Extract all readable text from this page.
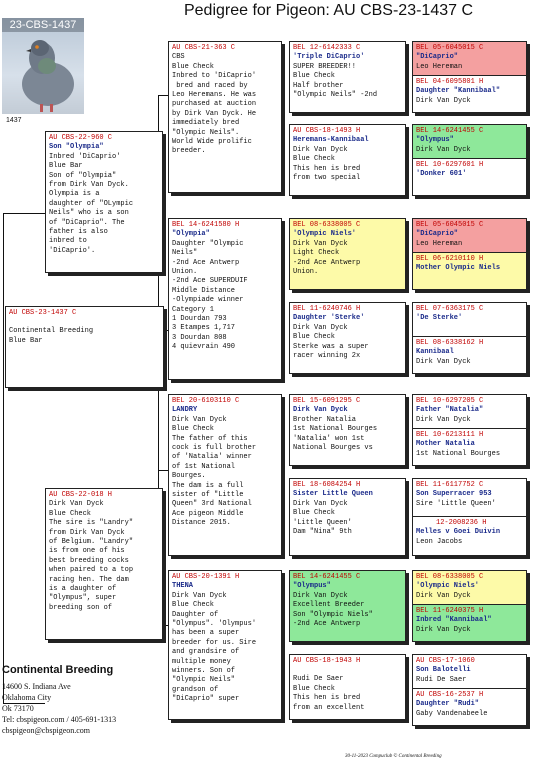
Pedigree for Pigeon: AU CBS-23-1437 C
23-CBS-1437
1437
AU CBS-23-1437 C
Continental Breeding
Blue Bar
AU CBS-22-960 C
Son "Olympia"
Inbred 'DiCaprio'
Blue Bar
Son of "Olympia"
from Dirk Van Dyck.
Olympia is a
daughter of "OLympic
Neils" who is a son
of "DiCaprio". The
father is also
inbred to
'DiCaprio'.
AU CBS-22-018 H
Dirk Van Dyck
Blue Check
The sire is "Landry"
from Dirk Van Dyck
of Belgium. "Landry"
is from one of his
best breeding cocks
when paired to a top
racing hen. The dam
is a daughter of
"Olympus", super
breeding son of
AU CBS-21-363 C
CBS
Blue Check
Inbred to 'DiCaprio'
bred and raced by
Leo Heremans. He was
purchased at auction
by Dirk Van Dyck. He
immediately bred
"Olympic Neils".
World Wide prolific
breeder.
BEL 14-6241580 H
"Olympia"
Daughter "Olympic
Neils"
-2nd Ace Antwerp
Union.
-2nd Ace SUPERDUIF
Middle Distance
-Olympiade winner
Category 1
1 Dourdan 793
3 Etampes 1,717
3 Dourdan 808
4 quievrain 490
BEL 20-6103110 C
LANDRY
Dirk Van Dyck
Blue Check
The father of this
cock is full brother
of 'Natalia' winner
of 1st National
Bourges.
The dam is a full
sister of "Little
Queen" 3rd National
Ace pigeon Middle
Distance 2015.
AU CBS-20-1391 H
THENA
Dirk Van Dyck
Blue Check
Daughter of
"Olympus". 'Olympus'
has been a super
breeder for us. Sire
and grandsire of
multiple money
winners. Son of
"Olympic Neils"
grandson of
"DiCaprio" super
BEL 12-6142333 C
'Triple DiCaprio'
SUPER BREEDER!!
Blue Check
Half brother
"Olympic Neils" -2nd
AU CBS-18-1493 H
Heremans-Kannibaal
Dirk Van Dyck
Blue Check
This hen is bred
from two special
BEL 08-6338005 C
'Olympic Niels'
Dirk Van Dyck
Light Check
-2nd Ace Antwerp
Union.
BEL 11-6240746 H
Daughter 'Sterke'
Dirk Van Dyck
Blue Check
Sterke was a super
racer winning 2x
BEL 15-6091295 C
Dirk Van Dyck
Brother Natalia
1st National Bourges
'Natalia' won 1st
National Bourges vs
BEL 18-6084254 H
Sister Little Queen
Dirk Van Dyck
Blue Check
'Little Queen'
Dam "Nina" 9th
BEL 14-6241455 C
"Olympus"
Dirk Van Dyck
Excellent Breeder
Son "Olympic Niels"
-2nd Ace Antwerp
AU CBS-18-1943 H
Rudi De Saer
Blue Check
This hen is bred
from an excellent
BEL 05-6045015 C
"DiCaprio"
Leo Hereman
BEL 04-6095801 H
Daughter "Kannibaal"
Dirk Van Dyck
BEL 14-6241455 C
"Olympus"
Dirk Van Dyck
BEL 10-6297601 H
'Donker 601'
BEL 05-6045015 C
"DiCaprio"
Leo Hereman
BEL 06-6210110 H
Mother Olympic Niels
BEL 07-6363175 C
'De Sterke'
BEL 08-6338162 H
Kannibaal
Dirk Van Dyck
BEL 10-6297205 C
Father "Natalia"
Dirk Van Dyck
BEL 10-6213111 H
Mother Natalia
1st National Bourges
BEL 11-6117752 C
Son Superracer 953
Sire 'Little Queen'
12-2008236 H
Melles v Goei Duivin
Leon Jacobs
BEL 08-6338005 C
'Olympic Niels'
Dirk Van Dyck
BEL 11-6240375 H
Inbred "Kannibaal"
Dirk Van Dyck
AU CBS-17-1060
Son Balotelli
Rudi De Saer
AU CBS-16-2537 H
Daughter "Rudi"
Gaby Vandenabeele
Continental Breeding
14600 S. Indiana Ave
Oklahoma City
Ok 73170
Tel: cbspigeon.com / 405-691-1313
cbspigeon@cbspigeon.com
30-11-2023 Compuclub © Continental Breeding
